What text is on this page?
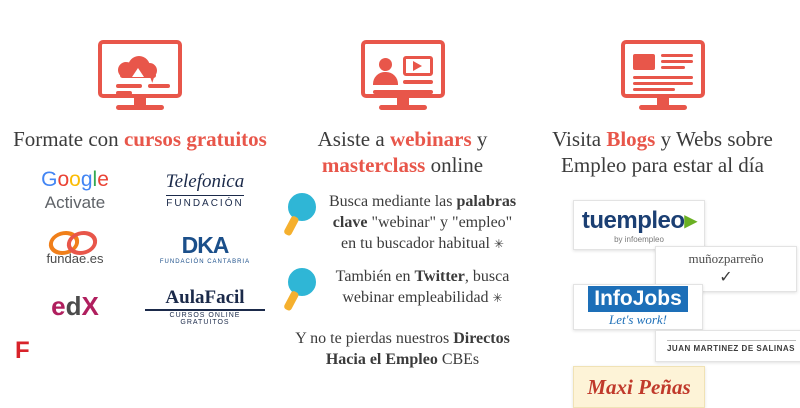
Formate con cursos gratuitos
Google
Activate
Telefonica
FUNDACIÓN
fundae.es
DKA
FUNDACIÓN CANTABRIA
edX	AulaFacil
CURSOS ONLINE GRATUITOS
F
Asiste a webinars y masterclass online
Busca mediante las palabras clave "webinar" y "empleo" en tu buscador habitual ✳
También en Twitter, busca webinar empleabilidad ✳
Y no te pierdas nuestros Directos Hacia el Empleo CBEs
Visita Blogs y Webs sobre Empleo para estar al día
tuempleo▸
by infoempleo
muñozparreño
✓
InfoJobs
Let's work!
JUAN MARTINEZ DE SALINAS
Maxi Peñas
